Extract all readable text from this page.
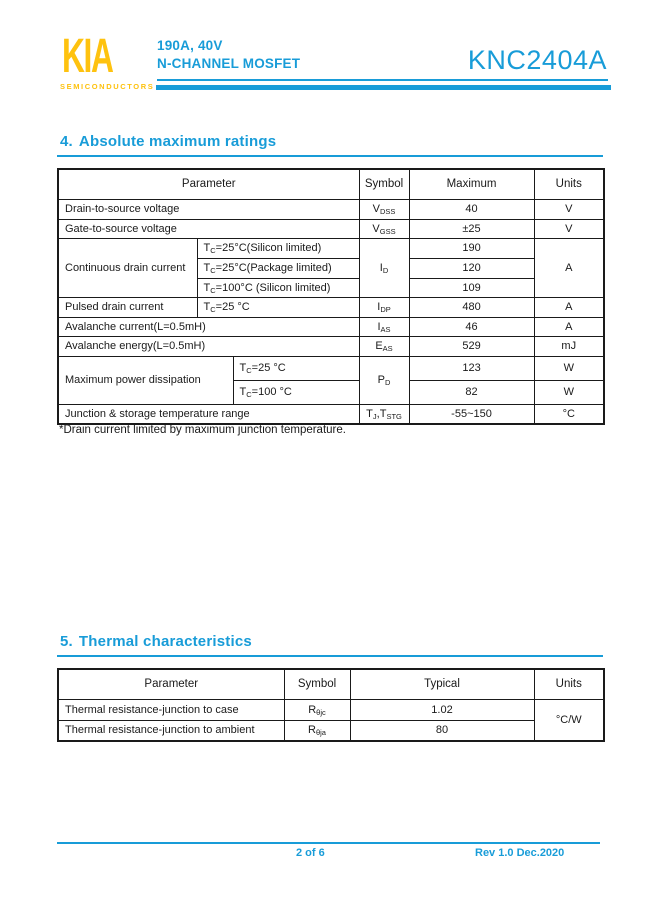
KIA
SEMICONDUCTORS
190A, 40V
N-CHANNEL MOSFET	KNC2404A
4. Absolute maximum ratings
Parameter			Symbol	Maximum	Units
Drain-to-source voltage			$V_{DSS}$	40	V
Gate-to-source voltage			$V_{GSS}$	±25	V
Continuous drain current	$T_C=25^\circ C(Silicon$ limited)		$I_D$	190	A
	$T_C=25^\circ C(Package$ limited)			120	
	$T_C=100^\circ C$ (Silicon limited)			109	
Pulsed drain current	$T_C=25$ °C		$I_{DP}$	480	A
Avalanche current(L=0.5mH)			$I_{AS}$	46	A
Avalanche energy(L=0.5mH)			$E_{AS}$	529	mJ
Maximum power dissipation		$T_C=25$ °C	$P_D$	123	W
		$T_C=100$ °C		82	W
Junction & storage temperature range			$T_J,T_{STG}$	-55~150	°C
*Drain current limited by maximum junction temperature.
5. Thermal characteristics
Parameter	Symbol	Typical	Units
Thermal resistance-junction to case	$R_{\theta jc}$	1.02	°C/W
Thermal resistance-junction to ambient	$R_{\theta ja}$	80	
2 of 6	Rev 1.0 Dec.2020
